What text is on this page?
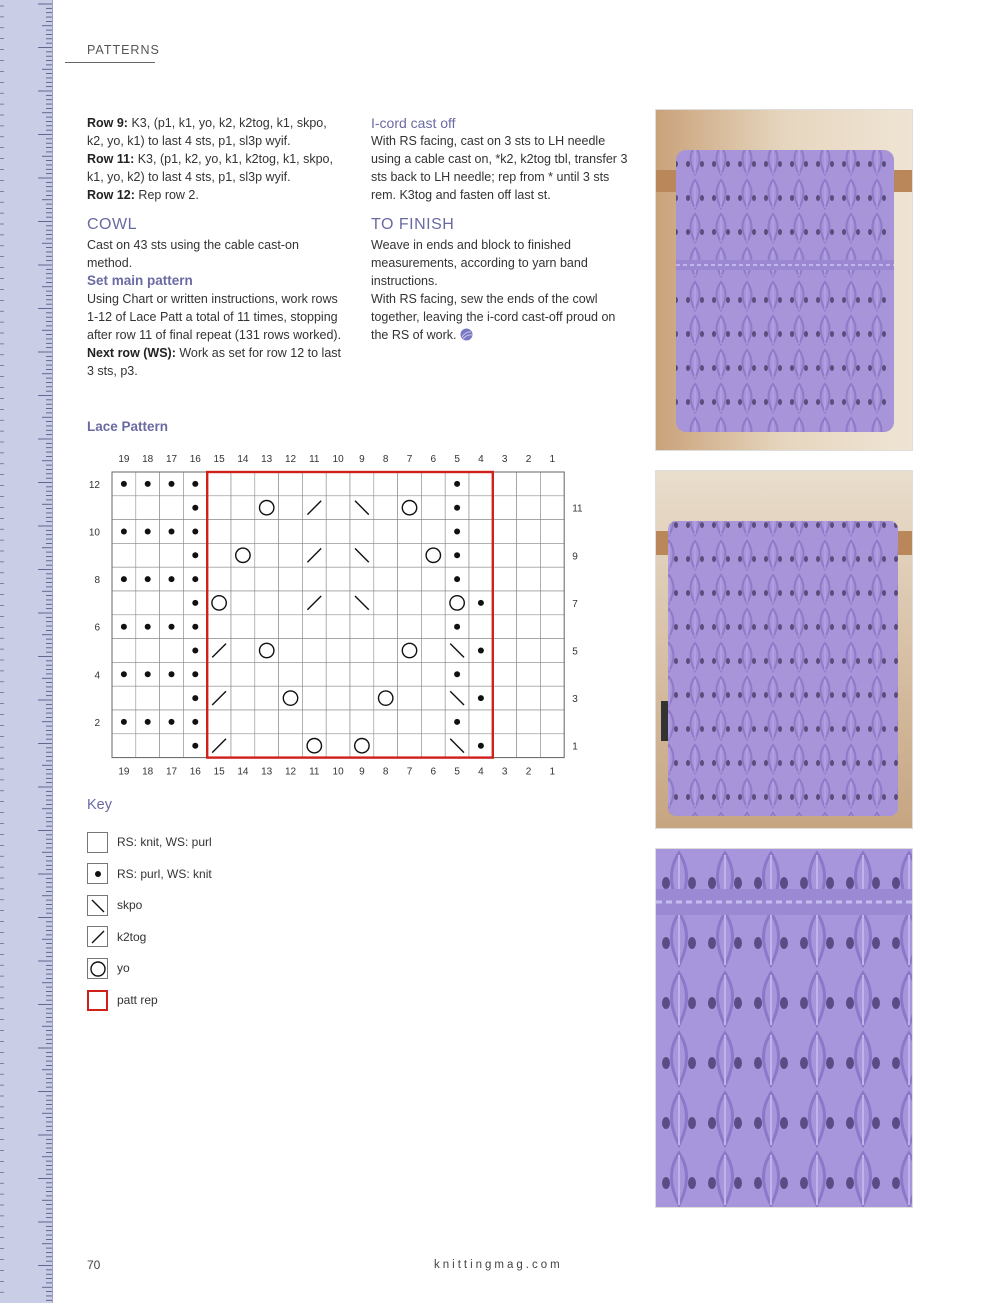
PATTERNS

Row 9: K3, (p1, k1, yo, k2, k2tog, k1, skpo, k2, yo, k1) to last 4 sts, p1, sl3p wyif.

Row 11: K3, (p1, k2, yo, k1, k2tog, k1, skpo, k1, yo, k2) to last 4 sts, p1, sl3p wyif.

Row 12: Rep row 2.

COWL

Cast on 43 sts using the cable cast-on method.

Set main pattern

Using Chart or written instructions, work rows 1-12 of Lace Patt a total of 11 times, stopping after row 11 of final repeat (131 rows worked).

Next row (WS): Work as set for row 12 to last 3 sts, p3.

I-cord cast off

With RS facing, cast on 3 sts to LH needle using a cable cast on, *k2, k2tog tbl, transfer 3 sts back to LH needle; rep from * until 3 sts rem. K3tog and fasten off last st.

TO FINISH

Weave in ends and block to finished measurements, according to yarn band instructions.

With RS facing, sew the ends of the cowl together, leaving the i-cord cast-off proud on the RS of work.

Lace Pattern
19
19
18
18
17
17
16
16
15
15
14
14
13
13
12
12
11
11
10
10
9
9
8
8
7
7
6
6
5
5
4
4
3
3
2
2
1
1
12
11
10
9
8
7
6
5
4
3
2
1
Key
RS: knit, WS: purl
RS: purl, WS: knit
skpo
k2tog
yo
patt rep
70	knittingmag.com
